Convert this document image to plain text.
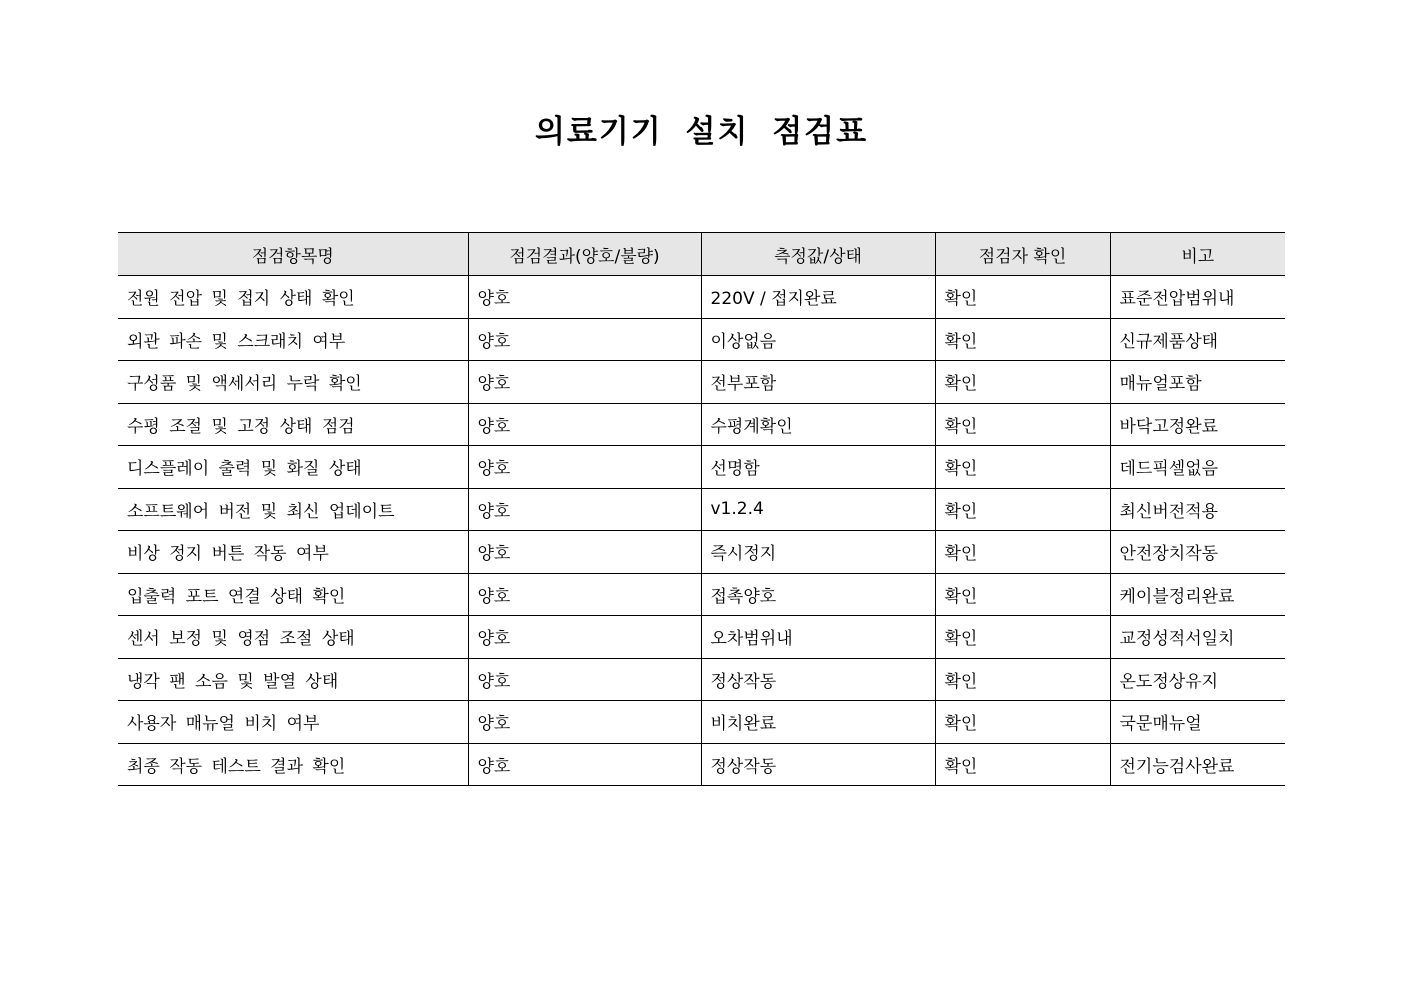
의료기기 설치 점검표
점검항목명	점검결과(양호/불량)	측정값/상태	점검자 확인	비고
전원 전압 및 접지 상태 확인	양호	220V / 접지완료	확인	표준전압범위내
외관 파손 및 스크래치 여부	양호	이상없음	확인	신규제품상태
구성품 및 액세서리 누락 확인	양호	전부포함	확인	매뉴얼포함
수평 조절 및 고정 상태 점검	양호	수평계확인	확인	바닥고정완료
디스플레이 출력 및 화질 상태	양호	선명함	확인	데드픽셀없음
소프트웨어 버전 및 최신 업데이트	양호	v1.2.4	확인	최신버전적용
비상 정지 버튼 작동 여부	양호	즉시정지	확인	안전장치작동
입출력 포트 연결 상태 확인	양호	접촉양호	확인	케이블정리완료
센서 보정 및 영점 조절 상태	양호	오차범위내	확인	교정성적서일치
냉각 팬 소음 및 발열 상태	양호	정상작동	확인	온도정상유지
사용자 매뉴얼 비치 여부	양호	비치완료	확인	국문매뉴얼
최종 작동 테스트 결과 확인	양호	정상작동	확인	전기능검사완료
